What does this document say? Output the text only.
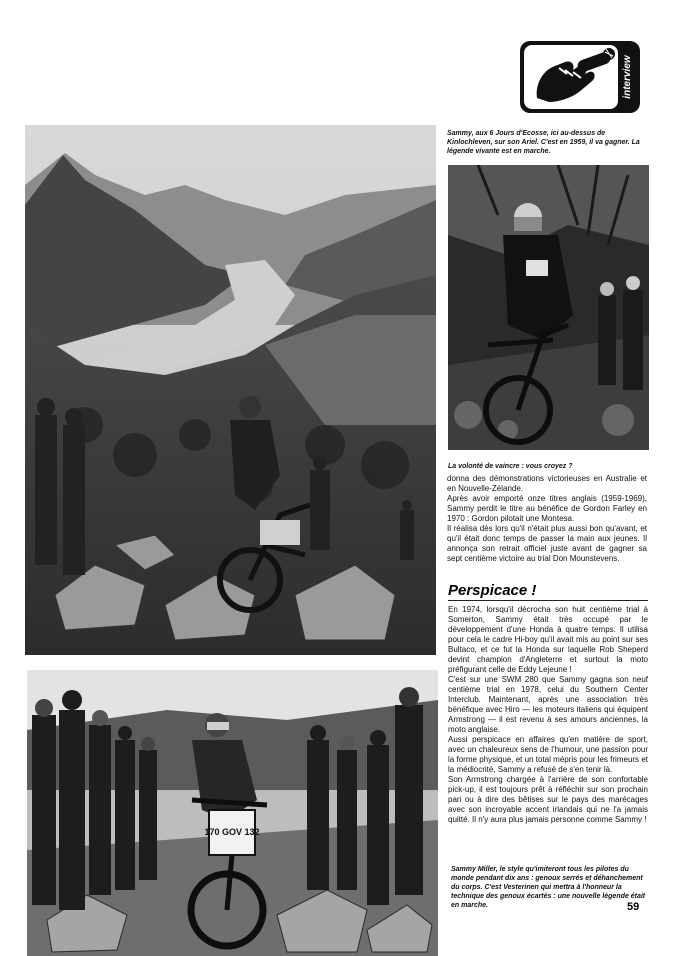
interview

Sammy, aux 6 Jours d'Ecosse, ici au-dessus de Kinlochleven, sur son Ariel. C'est en 1959, il va gagner. La légende vivante est en marche.

La volonté de vaincre : vous croyez ?

donna des démonstrations victorieuses en Australie et en Nouvelle-Zélande.
Après avoir emporté onze titres anglais (1959-1969), Sammy perdit le titre au bénéfice de Gordon Farley en 1970 : Gordon pilotait une Montesa.
Il réalisa dès lors qu'il n'était plus aussi bon qu'avant, et qu'il était donc temps de passer la main aux jeunes. Il annonça son retrait officiel juste avant de gagner sa sept centième victoire au trial Don Mounstevens.
Perspicace !
En 1974, lorsqu'il décrocha son huit centième trial à Somerton, Sammy était très occupé par le développement d'une Honda à quatre temps. Il utilisa pour cela le cadre Hi-boy qu'il avait mis au point sur ses Bultaco, et ce fut la Honda sur laquelle Rob Sheperd devint champion d'Angleterre et surtout la moto préfigurant celle de Eddy Lejeune !
C'est sur une SWM 280 que Sammy gagna son neuf centième trial en 1978, celui du Southern Center Interclub. Maintenant, après une association très bénéfique avec Hiro — les moteurs italiens qui équipent Armstrong — il est revenu à ses amours anciennes, la moto anglaise.
Aussi perspicace en affaires qu'en matière de sport, avec un chaleureux sens de l'humour, une passion pour la forme physique, et un total mépris pour les frimeurs et la médiocrité, Sammy a refusé de s'en tenir là.
Son Armstrong chargée à l'arrière de son confortable pick-up, il est toujours prêt à réfléchir sur son prochain pari ou à dire des bêtises sur le pays des marécages avec son incroyable accent irlandais qui ne l'a jamais quitté. Il n'y aura plus jamais personne comme Sammy !
170 GOV 132

Sammy Miller, le style qu'imiteront tous les pilotes du monde pendant dix ans : genoux serrés et déhanchement du corps. C'est Vesterinen qui mettra à l'honneur la technique des genoux écartés : une nouvelle légende était en marche.	59
